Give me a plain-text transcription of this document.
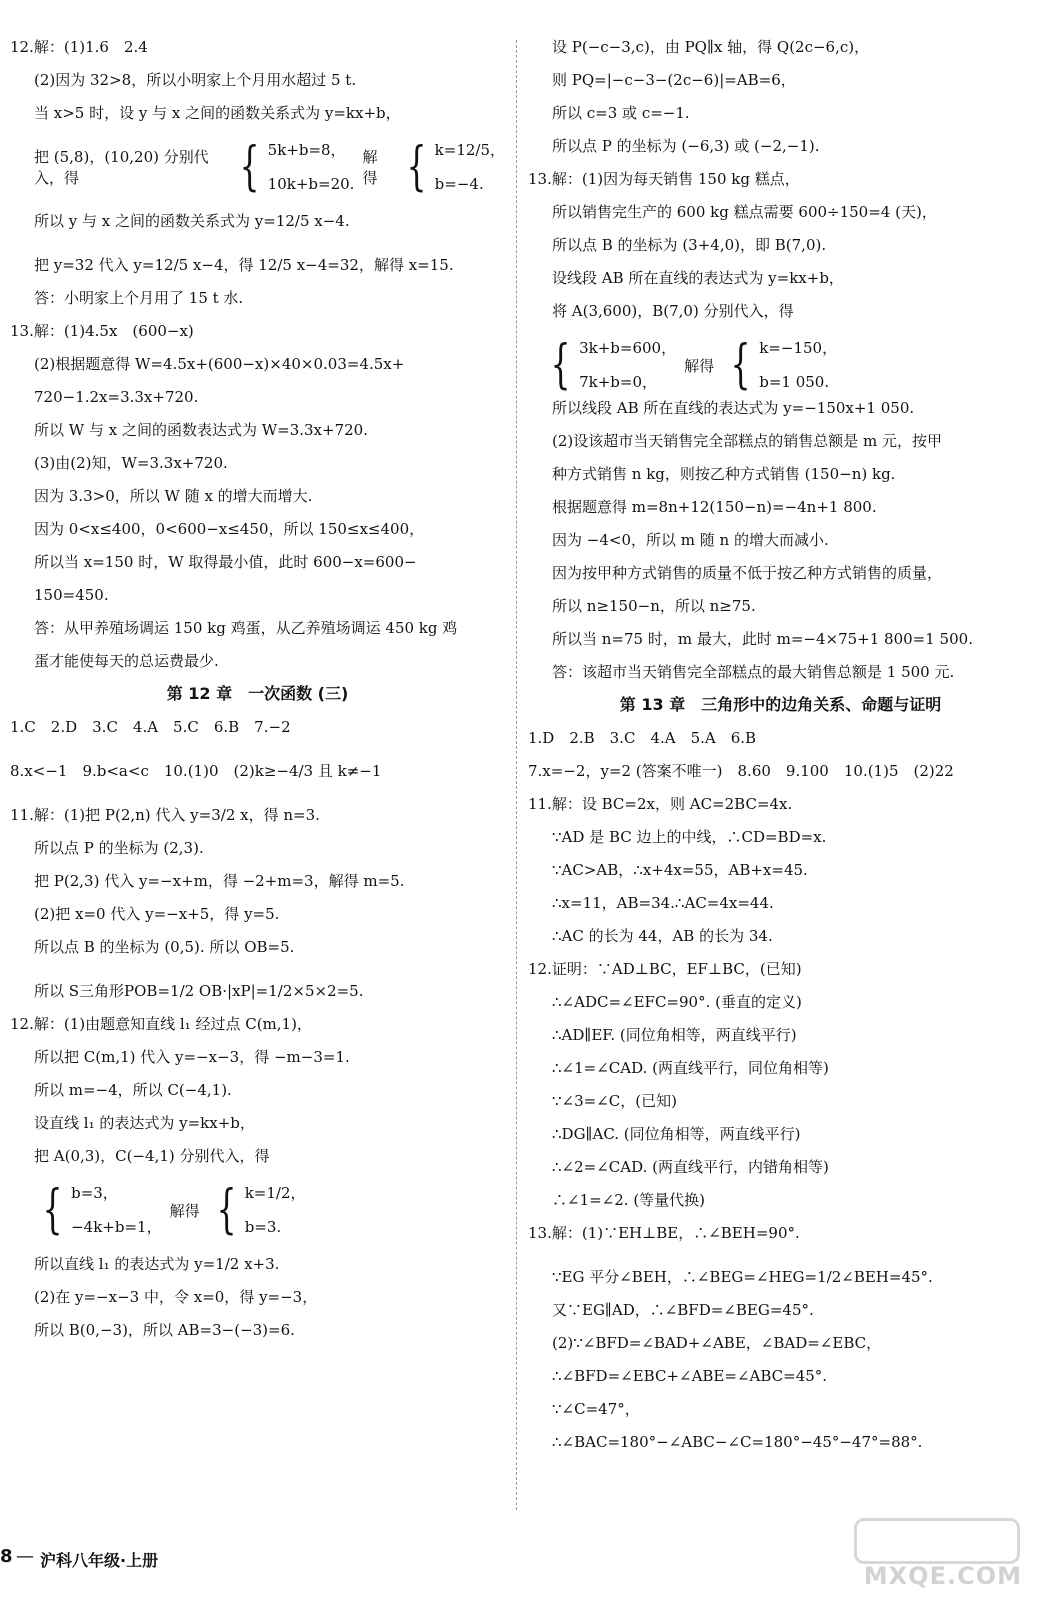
12.解：(1)1.6　2.4
(2)因为 32>8，所以小明家上个月用水超过 5 t.
当 x>5 时，设 y 与 x 之间的函数关系式为 y=kx+b，
把 (5,8)，(10,20) 分别代入，得	{ 5k+b=8，
10k+b=20.
解得 { k=12/5，
b=−4.
所以 y 与 x 之间的函数关系式为 y=12/5 x−4.
把 y=32 代入 y=12/5 x−4，得 12/5 x−4=32，解得 x=15.
答：小明家上个月用了 15 t 水.
13.解：(1)4.5x　(600−x)
(2)根据题意得 W=4.5x+(600−x)×40×0.03=4.5x+
720−1.2x=3.3x+720.
所以 W 与 x 之间的函数表达式为 W=3.3x+720.
(3)由(2)知，W=3.3x+720.
因为 3.3>0，所以 W 随 x 的增大而增大.
因为 0<x≤400，0<600−x≤450，所以 150≤x≤400，
所以当 x=150 时，W 取得最小值，此时 600−x=600−
150=450.
答：从甲养殖场调运 150 kg 鸡蛋，从乙养殖场调运 450 kg 鸡
蛋才能使每天的总运费最少.
第 12 章　一次函数 (三)
1.C　2.D　3.C　4.A　5.C　6.B　7.−2
8.x<−1　9.b<a<c　10.(1)0　(2)k≥−4/3 且 k≠−1
11.解：(1)把 P(2,n) 代入 y=3/2 x，得 n=3.
所以点 P 的坐标为 (2,3).
把 P(2,3) 代入 y=−x+m，得 −2+m=3，解得 m=5.
(2)把 x=0 代入 y=−x+5，得 y=5.
所以点 B 的坐标为 (0,5). 所以 OB=5.
所以 S三角形POB=1/2 OB·|xP|=1/2×5×2=5.
12.解：(1)由题意知直线 l₁ 经过点 C(m,1)，
所以把 C(m,1) 代入 y=−x−3，得 −m−3=1.
所以 m=−4，所以 C(−4,1).
设直线 l₁ 的表达式为 y=kx+b，
把 A(0,3)，C(−4,1) 分别代入，得
{ b=3，
−4k+b=1，
解得 { k=1/2，
b=3.
所以直线 l₁ 的表达式为 y=1/2 x+3.
(2)在 y=−x−3 中，令 x=0，得 y=−3，
所以 B(0,−3)，所以 AB=3−(−3)=6.
设 P(−c−3,c)，由 PQ∥x 轴，得 Q(2c−6,c)，
则 PQ=|−c−3−(2c−6)|=AB=6，
所以 c=3 或 c=−1.
所以点 P 的坐标为 (−6,3) 或 (−2,−1).
13.解：(1)因为每天销售 150 kg 糕点，
所以销售完生产的 600 kg 糕点需要 600÷150=4 (天)，
所以点 B 的坐标为 (3+4,0)，即 B(7,0).
设线段 AB 所在直线的表达式为 y=kx+b，
将 A(3,600)，B(7,0) 分别代入，得
{ 3k+b=600，
7k+b=0，
解得 { k=−150，
b=1 050.
所以线段 AB 所在直线的表达式为 y=−150x+1 050.
(2)设该超市当天销售完全部糕点的销售总额是 m 元，按甲
种方式销售 n kg，则按乙种方式销售 (150−n) kg.
根据题意得 m=8n+12(150−n)=−4n+1 800.
因为 −4<0，所以 m 随 n 的增大而减小.
因为按甲种方式销售的质量不低于按乙种方式销售的质量，
所以 n≥150−n，所以 n≥75.
所以当 n=75 时，m 最大，此时 m=−4×75+1 800=1 500.
答：该超市当天销售完全部糕点的最大销售总额是 1 500 元.
第 13 章　三角形中的边角关系、命题与证明
1.D　2.B　3.C　4.A　5.A　6.B
7.x=−2，y=2 (答案不唯一)　8.60　9.100　10.(1)5　(2)22
11.解：设 BC=2x，则 AC=2BC=4x.
∵AD 是 BC 边上的中线，∴CD=BD=x.
∵AC>AB，∴x+4x=55，AB+x=45.
∴x=11，AB=34.∴AC=4x=44.
∴AC 的长为 44，AB 的长为 34.
12.证明：∵AD⊥BC，EF⊥BC，(已知)
∴∠ADC=∠EFC=90°. (垂直的定义)
∴AD∥EF. (同位角相等，两直线平行)
∴∠1=∠CAD. (两直线平行，同位角相等)
∵∠3=∠C，(已知)
∴DG∥AC. (同位角相等，两直线平行)
∴∠2=∠CAD. (两直线平行，内错角相等)
∴∠1=∠2. (等量代换)
13.解：(1)∵EH⊥BE，∴∠BEH=90°.
∵EG 平分∠BEH，∴∠BEG=∠HEG=1/2∠BEH=45°.
又∵EG∥AD，∴∠BFD=∠BEG=45°.
(2)∵∠BFD=∠BAD+∠ABE，∠BAD=∠EBC，
∴∠BFD=∠EBC+∠ABE=∠ABC=45°.
∵∠C=47°，
∴∠BAC=180°−∠ABC−∠C=180°−45°−47°=88°.
8 — 沪科八年级·上册
MXQE.COM
